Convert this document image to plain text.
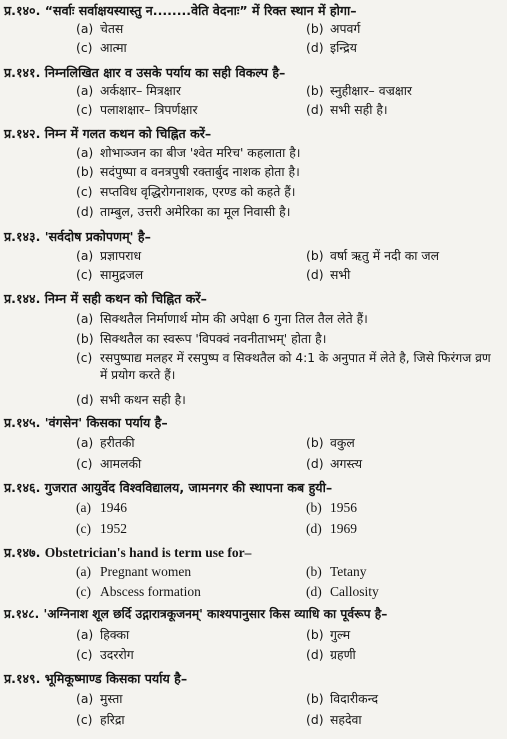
प्र.१४०. “सर्वाः सर्वाक्षयस्यास्तु न........वेति वेदनाः” में रिक्त स्थान में होगा–
(a) चेतस	(b) अपवर्ग
(c) आत्मा	(d) इन्द्रिय
प्र.१४१. निम्नलिखित क्षार व उसके पर्याय का सही विकल्प है–
(a) अर्कक्षार– मित्रक्षार	(b) स्नुहीक्षार– वज्रक्षार
(c) पलाशक्षार– त्रिपर्णक्षार	(d) सभी सही है।
प्र.१४२. निम्न में गलत कथन को चिह्नित करें–
(a) शोभाञ्जन का बीज 'श्वेत मरिच' कहलाता है।
(b) सदंपुष्पा व वनत्रपुषी रक्तार्बुद नाशक होता है।
(c) सप्तविध वृद्धिरोगनाशक, एरण्ड को कहते हैं।
(d) ताम्बुल, उत्तरी अमेरिका का मूल निवासी है।
प्र.१४३. 'सर्वदोष प्रकोपणम्' है–
(a) प्रज्ञापराध	(b) वर्षा ऋतु में नदी का जल
(c) सामुद्रजल	(d) सभी
प्र.१४४. निम्न में सही कथन को चिह्नित करें–
(a) सिक्थतैल निर्माणार्थ मोम की अपेक्षा 6 गुना तिल तैल लेते हैं।
(b) सिक्थतैल का स्वरूप 'विपक्वं नवनीताभम्' होता है।
(c) रसपुष्पाद्य मलहर में रसपुष्प व सिक्थतैल को 4:1 के अनुपात में लेते है, जिसे फिरंगज व्रण में प्रयोग करते हैं।
(d) सभी कथन सही है।
प्र.१४५. 'वंगसेन' किसका पर्याय है–
(a) हरीतकी	(b) वकुल
(c) आमलकी	(d) अगस्त्य
प्र.१४६. गुजरात आयुर्वेद विश्वविद्यालय, जामनगर की स्थापना कब हुयी–
(a) 1946	(b) 1956
(c) 1952	(d) 1969
प्र.१४७. Obstetrician's hand is term use for–
(a) Pregnant women	(b) Tetany
(c) Abscess formation	(d) Callosity
प्र.१४८. 'अग्निनाश शूल छर्दि उद्गारात्रकूजनम्' काश्यपानुसार किस व्याधि का पूर्वरूप है–
(a) हिक्का	(b) गुल्म
(c) उदररोग	(d) ग्रहणी
प्र.१४९. भूमिकूष्माण्ड किसका पर्याय है–
(a) मुस्ता	(b) विदारीकन्द
(c) हरिद्रा	(d) सहदेवा
